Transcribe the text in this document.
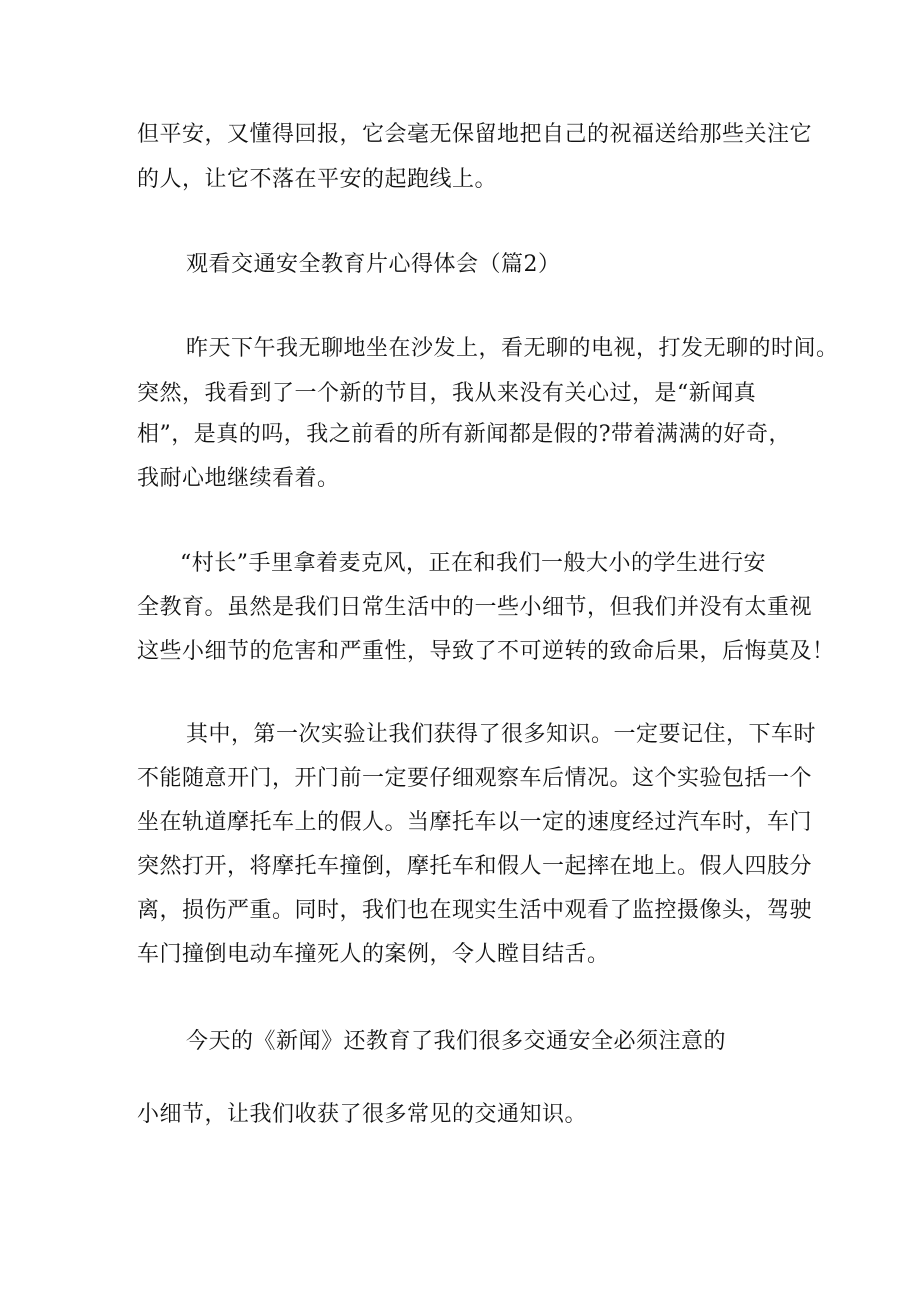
但平安，又懂得回报，它会毫无保留地把自己的祝福送给那些关注它
的人，让它不落在平安的起跑线上。
观看交通安全教育片心得体会（篇2）
昨天下午我无聊地坐在沙发上，看无聊的电视，打发无聊的时间。
突然，我看到了一个新的节目，我从来没有关心过，是“新闻真
相”，是真的吗，我之前看的所有新闻都是假的?带着满满的好奇，
我耐心地继续看着。
“村长”手里拿着麦克风，正在和我们一般大小的学生进行安
全教育。虽然是我们日常生活中的一些小细节，但我们并没有太重视
这些小细节的危害和严重性，导致了不可逆转的致命后果，后悔莫及！
其中，第一次实验让我们获得了很多知识。一定要记住，下车时
不能随意开门，开门前一定要仔细观察车后情况。这个实验包括一个
坐在轨道摩托车上的假人。当摩托车以一定的速度经过汽车时，车门
突然打开，将摩托车撞倒，摩托车和假人一起摔在地上。假人四肢分
离，损伤严重。同时，我们也在现实生活中观看了监控摄像头，驾驶
车门撞倒电动车撞死人的案例，令人瞠目结舌。
今天的《新闻》还教育了我们很多交通安全必须注意的
小细节，让我们收获了很多常见的交通知识。
